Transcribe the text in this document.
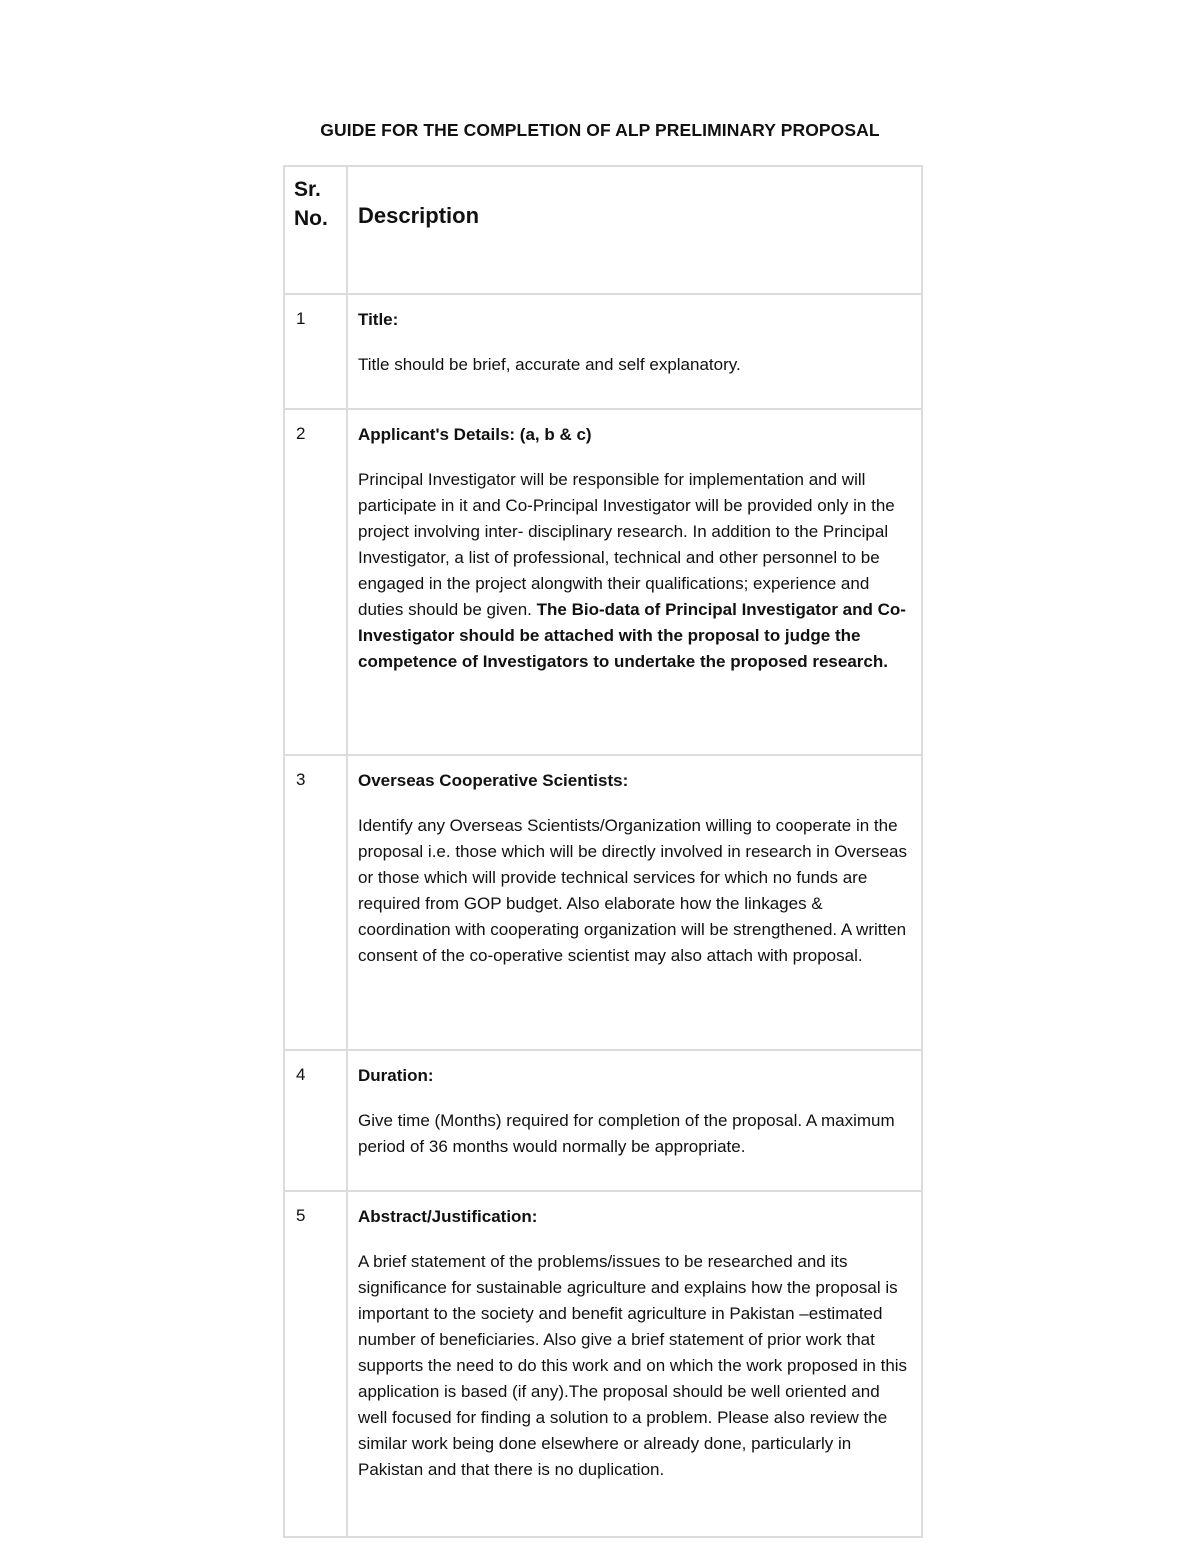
GUIDE FOR THE COMPLETION OF ALP PRELIMINARY PROPOSAL
Sr.
No.	Description
1	Title:

Title should be brief, accurate and self explanatory.

2	Applicant's Details: (a, b & c)

Principal Investigator will be responsible for implementation and will participate in it and Co-Principal Investigator will be provided only in the project involving inter- disciplinary research. In addition to the Principal Investigator, a list of professional, technical and other personnel to be engaged in the project alongwith their qualifications; experience and duties should be given. The Bio-data of Principal Investigator and Co-Investigator should be attached with the proposal to judge the competence of Investigators to undertake the proposed research.

3	Overseas Cooperative Scientists:

Identify any Overseas Scientists/Organization willing to cooperate in the proposal i.e. those which will be directly involved in research in Overseas or those which will provide technical services for which no funds are required from GOP budget. Also elaborate how the linkages & coordination with cooperating organization will be strengthened. A written consent of the co-operative scientist may also attach with proposal.

4	Duration:

Give time (Months) required for completion of the proposal. A maximum period of 36 months would normally be appropriate.

5	Abstract/Justification:

A brief statement of the problems/issues to be researched and its significance for sustainable agriculture and explains how the proposal is important to the society and benefit agriculture in Pakistan –estimated number of beneficiaries. Also give a brief statement of prior work that supports the need to do this work and on which the work proposed in this application is based (if any).The proposal should be well oriented and well focused for finding a solution to a problem. Please also review the similar work being done elsewhere or already done, particularly in Pakistan and that there is no duplication.
